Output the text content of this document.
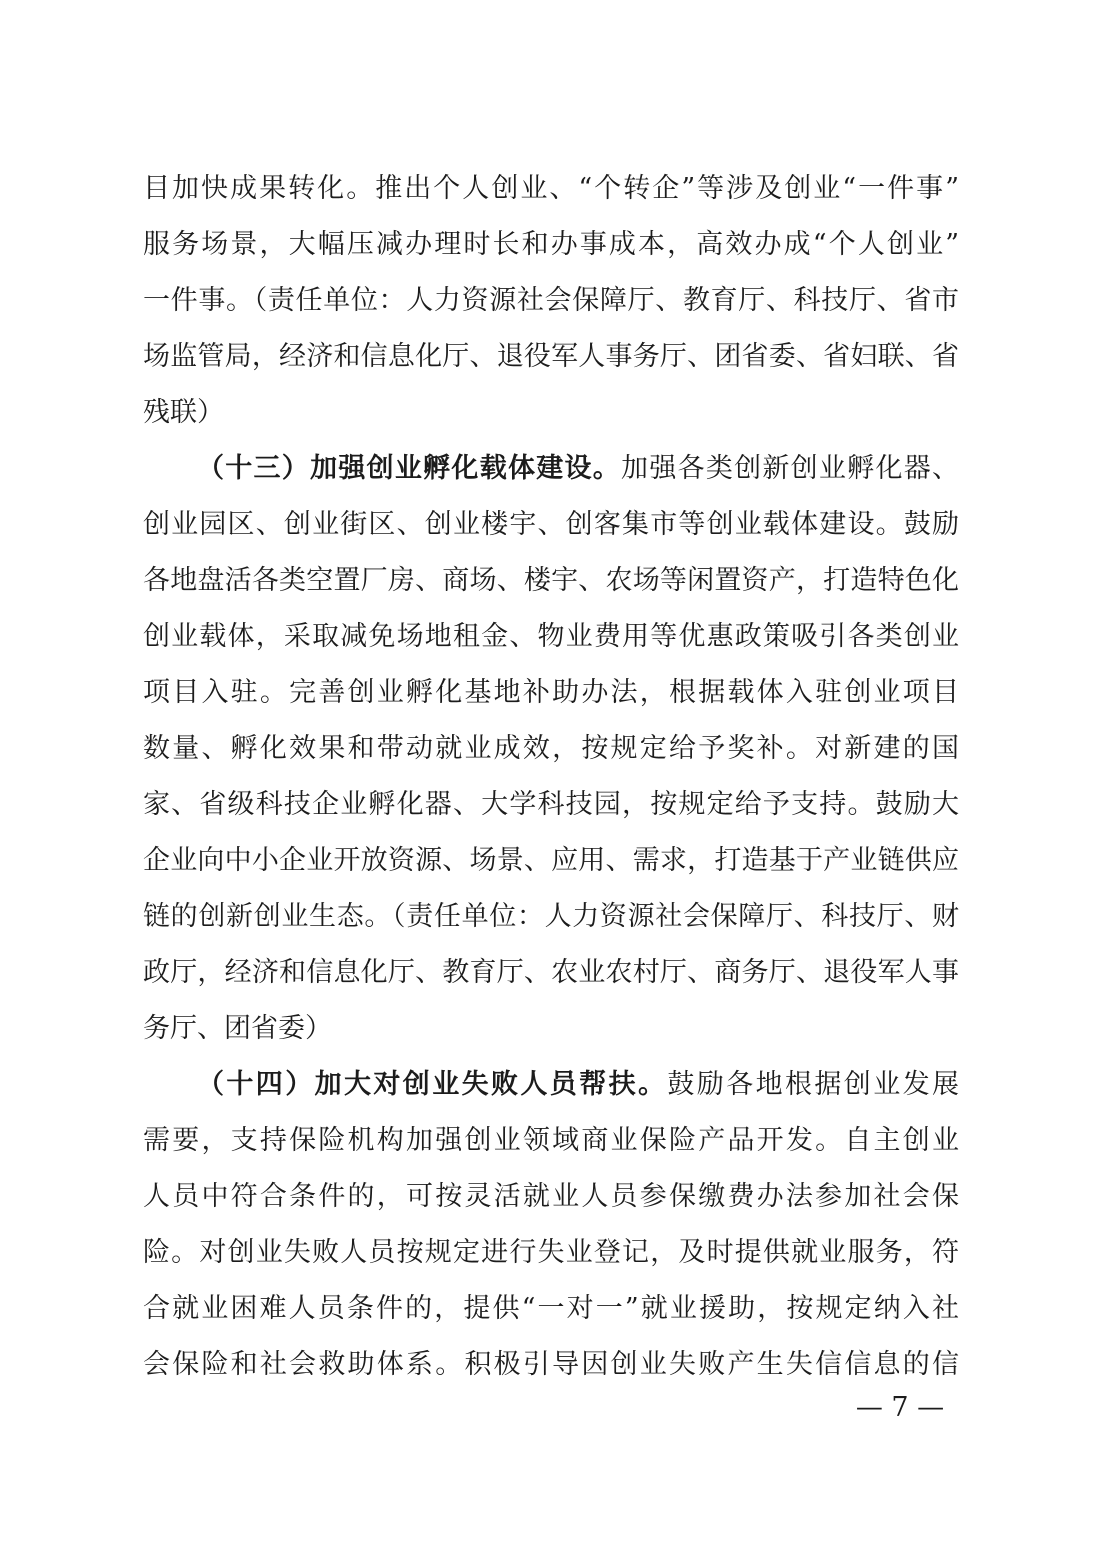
目加快成果转化。推出个人创业、“个转企”等涉及创业“一件事”
服务场景，大幅压减办理时长和办事成本，高效办成“个人创业”
一件事。（责任单位：人力资源社会保障厅、教育厅、科技厅、省市
场监管局，经济和信息化厅、退役军人事务厅、团省委、省妇联、省
残联）
（十三）加强创业孵化载体建设。加强各类创新创业孵化器、
创业园区、创业街区、创业楼宇、创客集市等创业载体建设。鼓励
各地盘活各类空置厂房、商场、楼宇、农场等闲置资产，打造特色化
创业载体，采取减免场地租金、物业费用等优惠政策吸引各类创业
项目入驻。完善创业孵化基地补助办法，根据载体入驻创业项目
数量、孵化效果和带动就业成效，按规定给予奖补。对新建的国
家、省级科技企业孵化器、大学科技园，按规定给予支持。鼓励大
企业向中小企业开放资源、场景、应用、需求，打造基于产业链供应
链的创新创业生态。（责任单位：人力资源社会保障厅、科技厅、财
政厅，经济和信息化厅、教育厅、农业农村厅、商务厅、退役军人事
务厅、团省委）
（十四）加大对创业失败人员帮扶。鼓励各地根据创业发展
需要，支持保险机构加强创业领域商业保险产品开发。自主创业
人员中符合条件的，可按灵活就业人员参保缴费办法参加社会保
险。对创业失败人员按规定进行失业登记，及时提供就业服务，符
合就业困难人员条件的，提供“一对一”就业援助，按规定纳入社
会保险和社会救助体系。积极引导因创业失败产生失信信息的信
— 7 —
